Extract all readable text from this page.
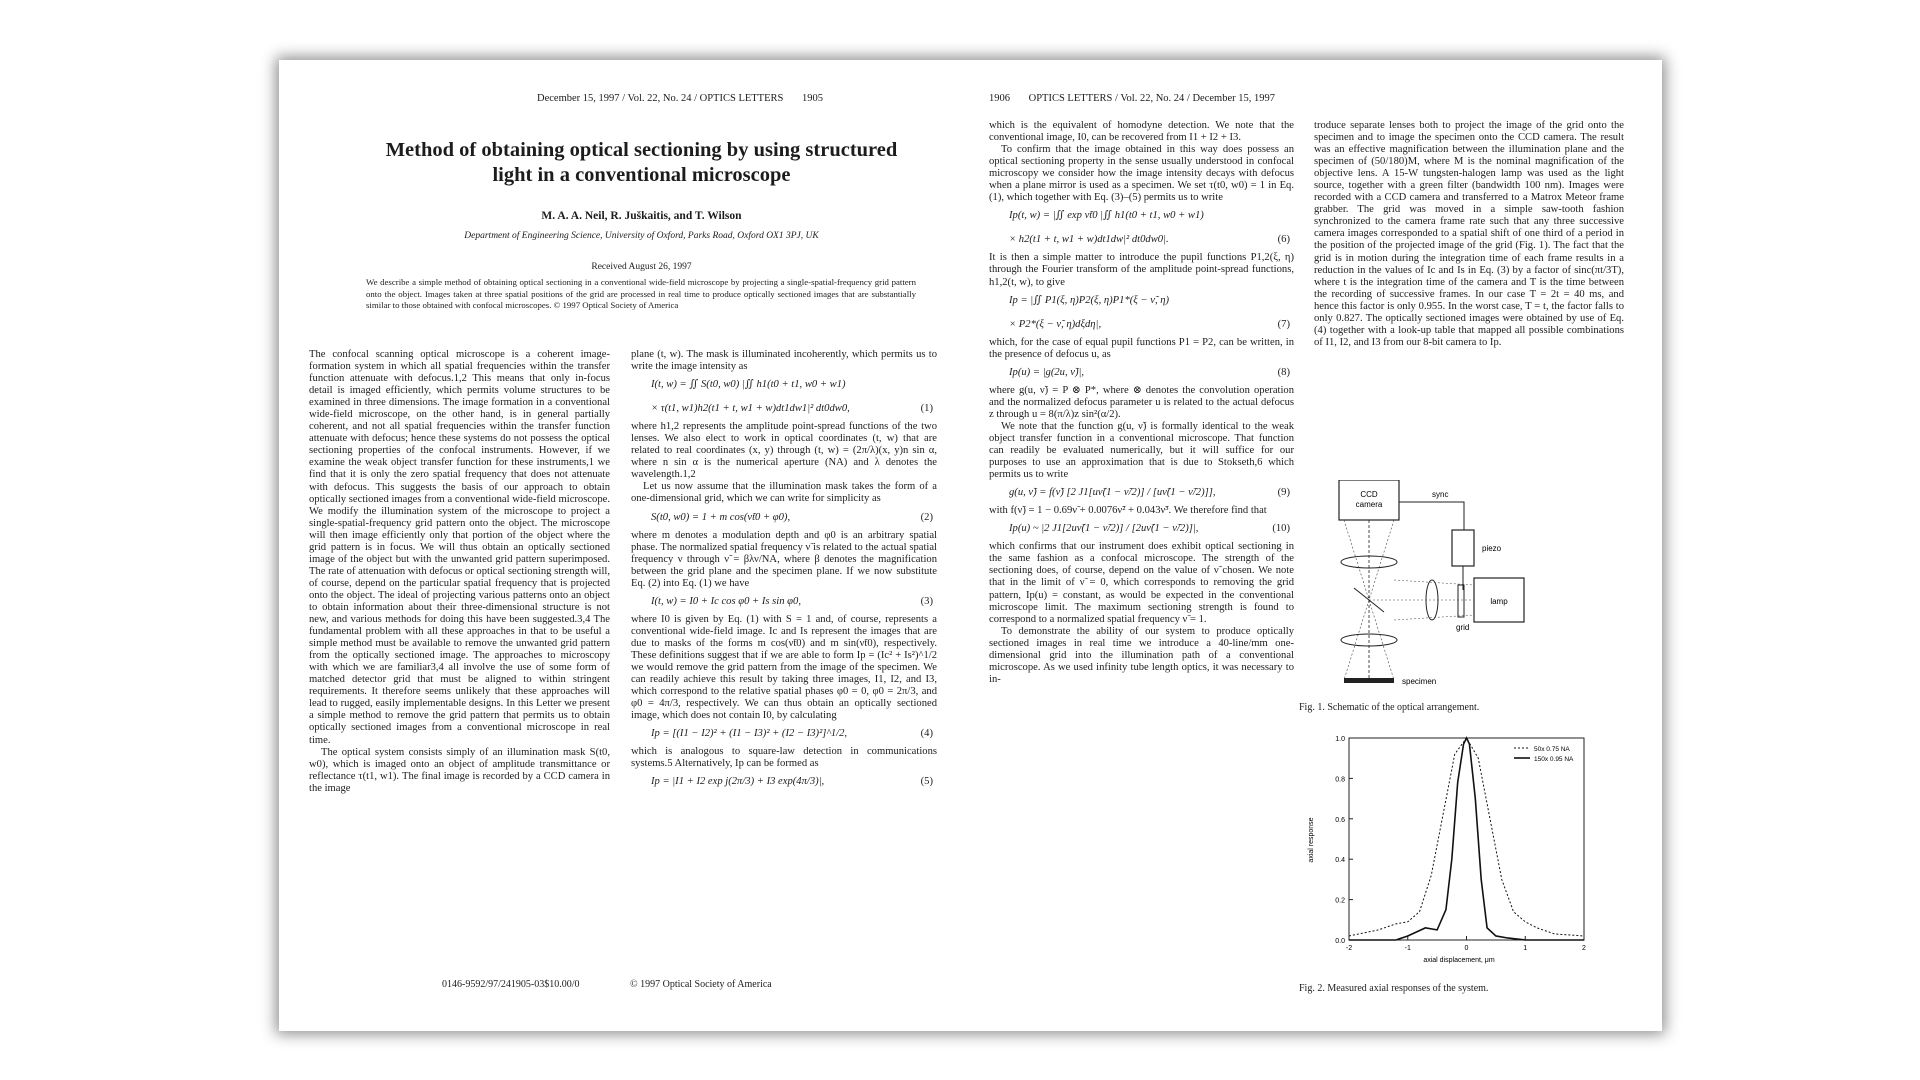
December 15, 1997 / Vol. 22, No. 24 / OPTICS LETTERS 1905
Method of obtaining optical sectioning by using structured
light in a conventional microscope
M. A. A. Neil, R. Juškaitis, and T. Wilson
Department of Engineering Science, University of Oxford, Parks Road, Oxford OX1 3PJ, UK
Received August 26, 1997
We describe a simple method of obtaining optical sectioning in a conventional wide-field microscope by projecting a single-spatial-frequency grid pattern onto the object. Images taken at three spatial positions of the grid are processed in real time to produce optically sectioned images that are substantially similar to those obtained with confocal microscopes. © 1997 Optical Society of America

The confocal scanning optical microscope is a coherent image-formation system in which all spatial frequencies within the transfer function attenuate with defocus.1,2 This means that only in-focus detail is imaged efficiently, which permits volume structures to be examined in three dimensions. The image formation in a conventional wide-field microscope, on the other hand, is in general partially coherent, and not all spatial frequencies within the transfer function attenuate with defocus; hence these systems do not possess the optical sectioning properties of the confocal instruments. However, if we examine the weak object transfer function for these instruments,1 we find that it is only the zero spatial frequency that does not attenuate with defocus. This suggests the basis of our approach to obtain optically sectioned images from a conventional wide-field microscope. We modify the illumination system of the microscope to project a single-spatial-frequency grid pattern onto the object. The microscope will then image efficiently only that portion of the object where the grid pattern is in focus. We will thus obtain an optically sectioned image of the object but with the unwanted grid pattern superimposed. The rate of attenuation with defocus or optical sectioning strength will, of course, depend on the particular spatial frequency that is projected onto the object. The ideal of projecting various patterns onto an object to obtain information about their three-dimensional structure is not new, and various methods for doing this have been suggested.3,4 The fundamental problem with all these approaches in that to be useful a simple method must be available to remove the unwanted grid pattern from the optically sectioned image. The approaches to microscopy with which we are familiar3,4 all involve the use of some form of matched detector grid that must be aligned to within stringent requirements. It therefore seems unlikely that these approaches will lead to rugged, easily implementable designs. In this Letter we present a simple method to remove the grid pattern that permits us to obtain optically sectioned images from a conventional microscope in real time.

The optical system consists simply of an illumination mask S(t0, w0), which is imaged onto an object of amplitude transmittance or reflectance τ(t1, w1). The final image is recorded by a CCD camera in the image

plane (t, w). The mask is illuminated incoherently, which permits us to write the image intensity as

I(t, w) = ∬ S(t0, w0) |∬ h1(t0 + t1, w0 + w1)
× τ(t1, w1)h2(t1 + t, w1 + w)dt1dw1|² dt0dw0,	(1)

where h1,2 represents the amplitude point-spread functions of the two lenses. We also elect to work in optical coordinates (t, w) that are related to real coordinates (x, y) through (t, w) = (2π/λ)(x, y)n sin α, where n sin α is the numerical aperture (NA) and λ denotes the wavelength.1,2

Let us now assume that the illumination mask takes the form of a one-dimensional grid, which we can write for simplicity as

S(t0, w0) = 1 + m cos(ν̃t0 + φ0),	(2)

where m denotes a modulation depth and φ0 is an arbitrary spatial phase. The normalized spatial frequency ν̃ is related to the actual spatial frequency ν through ν̃ = βλν/NA, where β denotes the magnification between the grid plane and the specimen plane. If we now substitute Eq. (2) into Eq. (1) we have

I(t, w) = I0 + Ic cos φ0 + Is sin φ0,	(3)

where I0 is given by Eq. (1) with S = 1 and, of course, represents a conventional wide-field image. Ic and Is represent the images that are due to masks of the forms m cos(ν̃t0) and m sin(ν̃t0), respectively. These definitions suggest that if we are able to form Ip = (Ic² + Is²)^1/2 we would remove the grid pattern from the image of the specimen. We can readily achieve this result by taking three images, I1, I2, and I3, which correspond to the relative spatial phases φ0 = 0, φ0 = 2π/3, and φ0 = 4π/3, respectively. We can thus obtain an optically sectioned image, which does not contain I0, by calculating

Ip = [(I1 − I2)² + (I1 − I3)² + (I2 − I3)²]^1/2,	(4)

which is analogous to square-law detection in communications systems.5 Alternatively, Ip can be formed as

Ip = |I1 + I2 exp j(2π/3) + I3 exp(4π/3)|,	(5)
0146-9592/97/241905-03$10.00/0	© 1997 Optical Society of America
1906 OPTICS LETTERS / Vol. 22, No. 24 / December 15, 1997

which is the equivalent of homodyne detection. We note that the conventional image, I0, can be recovered from I1 + I2 + I3.

To confirm that the image obtained in this way does possess an optical sectioning property in the sense usually understood in confocal microscopy we consider how the image intensity decays with defocus when a plane mirror is used as a specimen. We set τ(t0, w0) = 1 in Eq. (1), which together with Eq. (3)–(5) permits us to write

Ip(t, w) = |∬ exp ν̃t0 |∬ h1(t0 + t1, w0 + w1)
× h2(t1 + t, w1 + w)dt1dw|² dt0dw0|.	(6)

It is then a simple matter to introduce the pupil functions P1,2(ξ, η) through the Fourier transform of the amplitude point-spread functions, h1,2(t, w), to give

Ip = |∬ P1(ξ, η)P2(ξ, η)P1*(ξ − ν̃, η)
× P2*(ξ − ν̃, η)dξdη|,	(7)

which, for the case of equal pupil functions P1 = P2, can be written, in the presence of defocus u, as

Ip(u) = |g(2u, ν̃)|,	(8)

where g(u, ν̃) = P ⊗ P*, where ⊗ denotes the convolution operation and the normalized defocus parameter u is related to the actual defocus z through u = 8(π/λ)z sin²(α/2).

We note that the function g(u, ν̃) is formally identical to the weak object transfer function in a conventional microscope. That function can readily be evaluated numerically, but it will suffice for our purposes to use an approximation that is due to Stokseth,6 which permits us to write

g(u, ν̃) = f(ν̃) [2 J1[uν̃(1 − ν̃/2)] / [uν̃(1 − ν̃/2)]],	(9)

with f(ν̃) = 1 − 0.69ν̃ + 0.0076ν̃² + 0.043ν̃³. We therefore find that

Ip(u) ~ |2 J1[2uν̃(1 − ν̃/2)] / [2uν̃(1 − ν̃/2)]|,	(10)

which confirms that our instrument does exhibit optical sectioning in the same fashion as a confocal microscope. The strength of the sectioning does, of course, depend on the value of ν̃ chosen. We note that in the limit of ν̃ = 0, which corresponds to removing the grid pattern, Ip(u) = constant, as would be expected in the conventional microscope limit. The maximum sectioning strength is found to correspond to a normalized spatial frequency ν̃ = 1.

To demonstrate the ability of our system to produce optically sectioned images in real time we introduce a 40-line/mm one-dimensional grid into the illumination path of a conventional microscope. As we used infinity tube length optics, it was necessary to in-

troduce separate lenses both to project the image of the grid onto the specimen and to image the specimen onto the CCD camera. The result was an effective magnification between the illumination plane and the specimen of (50/180)M, where M is the nominal magnification of the objective lens. A 15-W tungsten-halogen lamp was used as the light source, together with a green filter (bandwidth 100 nm). Images were recorded with a CCD camera and transferred to a Matrox Meteor frame grabber. The grid was moved in a simple saw-tooth fashion synchronized to the camera frame rate such that any three successive camera images corresponded to a spatial shift of one third of a period in the position of the projected image of the grid (Fig. 1). The fact that the grid is in motion during the integration time of each frame results in a reduction in the values of Ic and Is in Eq. (3) by a factor of sinc(πt/3T), where t is the integration time of the camera and T is the time between the recording of successive frames. In our case T = 2t = 40 ms, and hence this factor is only 0.955. In the worst case, T = t, the factor falls to only 0.827. The optically sectioned images were obtained by use of Eq. (4) together with a look-up table that mapped all possible combinations of I1, I2, and I3 from our 8-bit camera to Ip.

CCD
camera
sync
piezo
lamp
grid
specimen
Fig. 1. Schematic of the optical arrangement.
axial response
axial displacement, μm
0.0
0.2
0.4
0.6
0.8
1.0
-2	-1	0	1	2
50x 0.75 NA
150x 0.95 NA
Fig. 2. Measured axial responses of the system.
